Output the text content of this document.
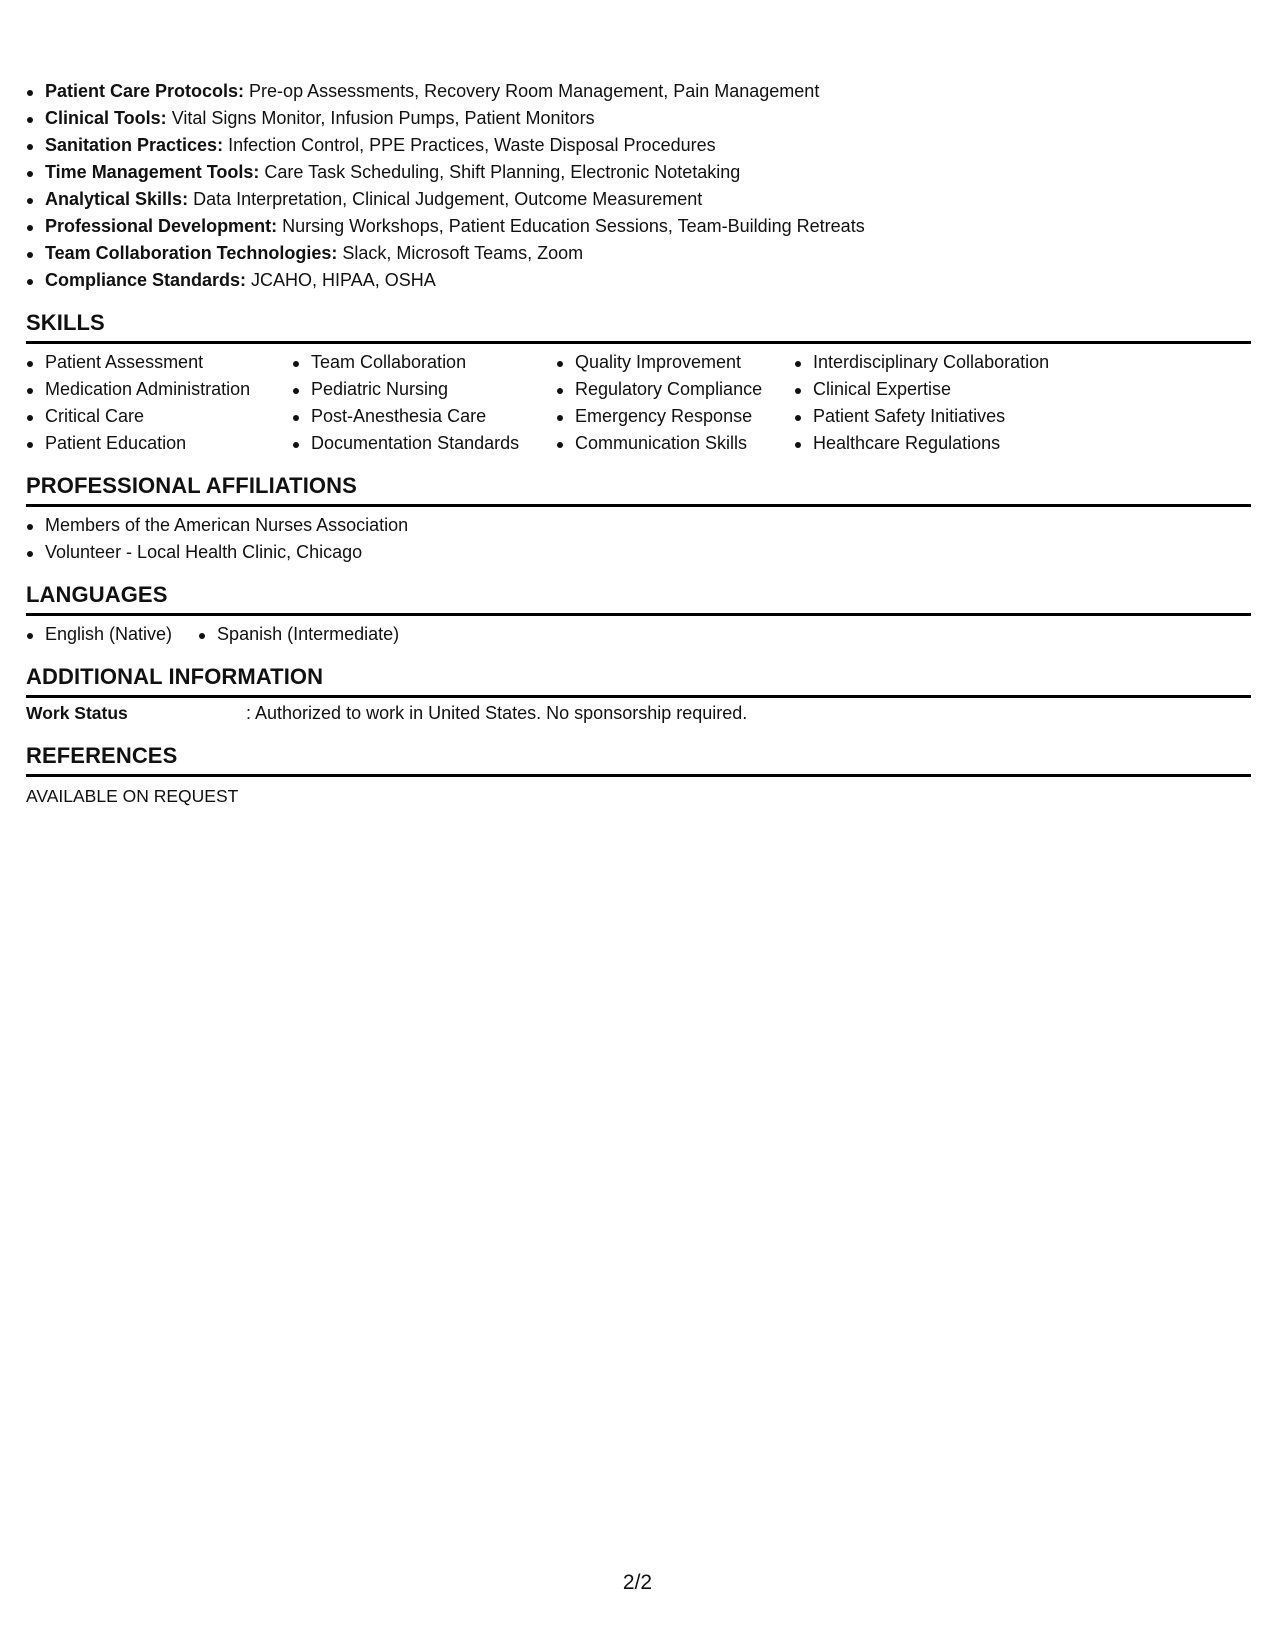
Patient Care Protocols: Pre-op Assessments, Recovery Room Management, Pain Management
Clinical Tools: Vital Signs Monitor, Infusion Pumps, Patient Monitors
Sanitation Practices: Infection Control, PPE Practices, Waste Disposal Procedures
Time Management Tools: Care Task Scheduling, Shift Planning, Electronic Notetaking
Analytical Skills: Data Interpretation, Clinical Judgement, Outcome Measurement
Professional Development: Nursing Workshops, Patient Education Sessions, Team-Building Retreats
Team Collaboration Technologies: Slack, Microsoft Teams, Zoom
Compliance Standards: JCAHO, HIPAA, OSHA
SKILLS
Patient Assessment
Medication Administration
Critical Care
Patient Education
Team Collaboration
Pediatric Nursing
Post-Anesthesia Care
Documentation Standards
Quality Improvement
Regulatory Compliance
Emergency Response
Communication Skills
Interdisciplinary Collaboration
Clinical Expertise
Patient Safety Initiatives
Healthcare Regulations
PROFESSIONAL AFFILIATIONS
Members of the American Nurses Association
Volunteer - Local Health Clinic, Chicago
LANGUAGES
English (Native)	Spanish (Intermediate)
ADDITIONAL INFORMATION
Work Status	: Authorized to work in United States. No sponsorship required.
REFERENCES
AVAILABLE ON REQUEST
2/2
